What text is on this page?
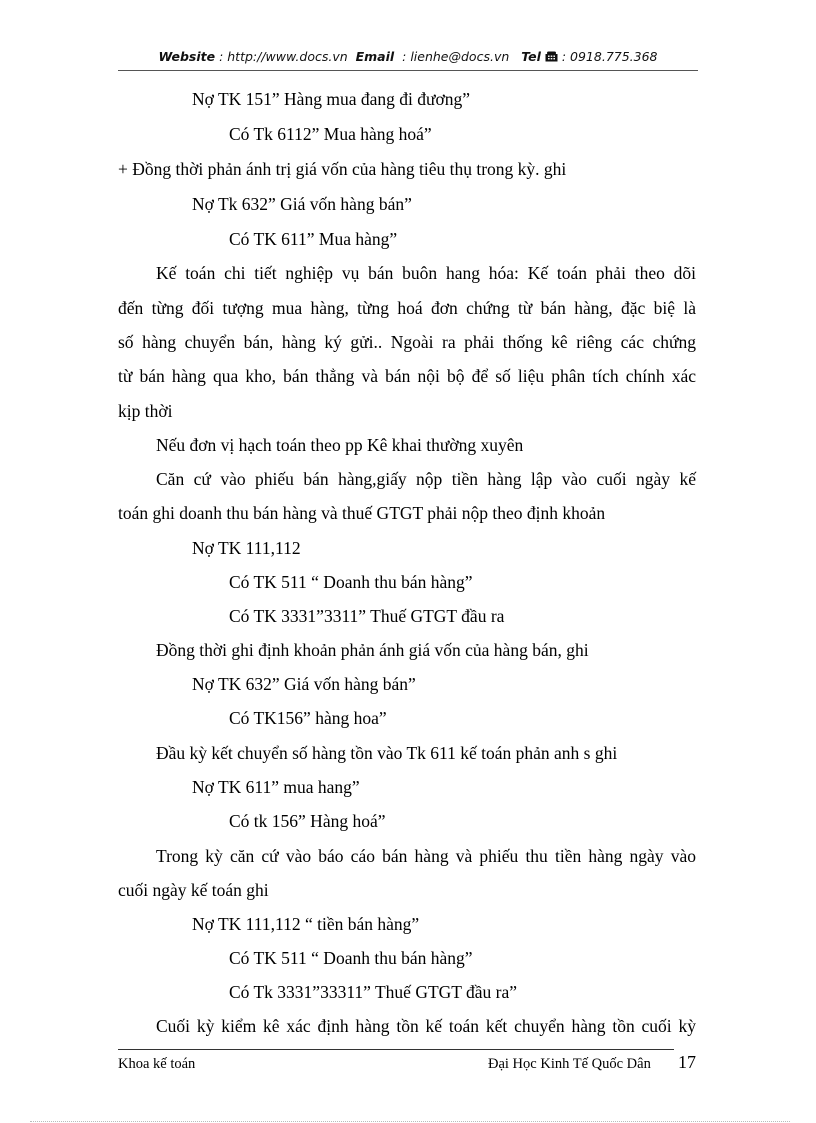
Website : http://www.docs.vn Email : lienhe@docs.vn Tel : 0918.775.368
Nợ TK 151” Hàng mua đang đi đương”
Có Tk 6112” Mua hàng hoá”
+ Đồng thời phản ánh trị giá vốn của hàng tiêu thụ trong kỳ. ghi
Nợ Tk 632” Giá vốn hàng bán”
Có TK 611” Mua hàng”
Kế toán chi tiết nghiệp vụ bán buôn hang hóa: Kế toán phải theo dõi
đến từng đối tượng mua hàng, từng hoá đơn chứng từ bán hàng, đặc biệ là
số hàng chuyển bán, hàng ký gửi.. Ngoài ra phải thống kê riêng các chứng
từ bán hàng qua kho, bán thẳng và bán nội bộ để số liệu phân tích chính xác
kịp thời
Nếu đơn vị hạch toán theo pp Kê khai thường xuyên
Căn cứ vào phiếu bán hàng,giấy nộp tiền hàng lập vào cuối ngày kế
toán ghi doanh thu bán hàng và thuế GTGT phải nộp theo định khoản
Nợ TK 111,112
Có TK 511 “ Doanh thu bán hàng”
Có TK 3331”3311” Thuế GTGT đầu ra
Đồng thời ghi định khoản phản ánh giá vốn của hàng bán, ghi
Nợ TK 632” Giá vốn hàng bán”
Có TK156” hàng hoa”
Đầu kỳ kết chuyển số hàng tồn vào Tk 611 kế toán phản anh s ghi
Nợ TK 611” mua hang”
Có tk 156” Hàng hoá”
Trong kỳ căn cứ vào báo cáo bán hàng và phiếu thu tiền hàng ngày vào
cuối ngày kế toán ghi
Nợ TK 111,112 “ tiền bán hàng”
Có TK 511 “ Doanh thu bán hàng”
Có Tk 3331”33311” Thuế GTGT đầu ra”
Cuối kỳ kiểm kê xác định hàng tồn kế toán kết chuyển hàng tồn cuối kỳ
Khoa kế toán	Đại Học Kinh Tế Quốc Dân 17
